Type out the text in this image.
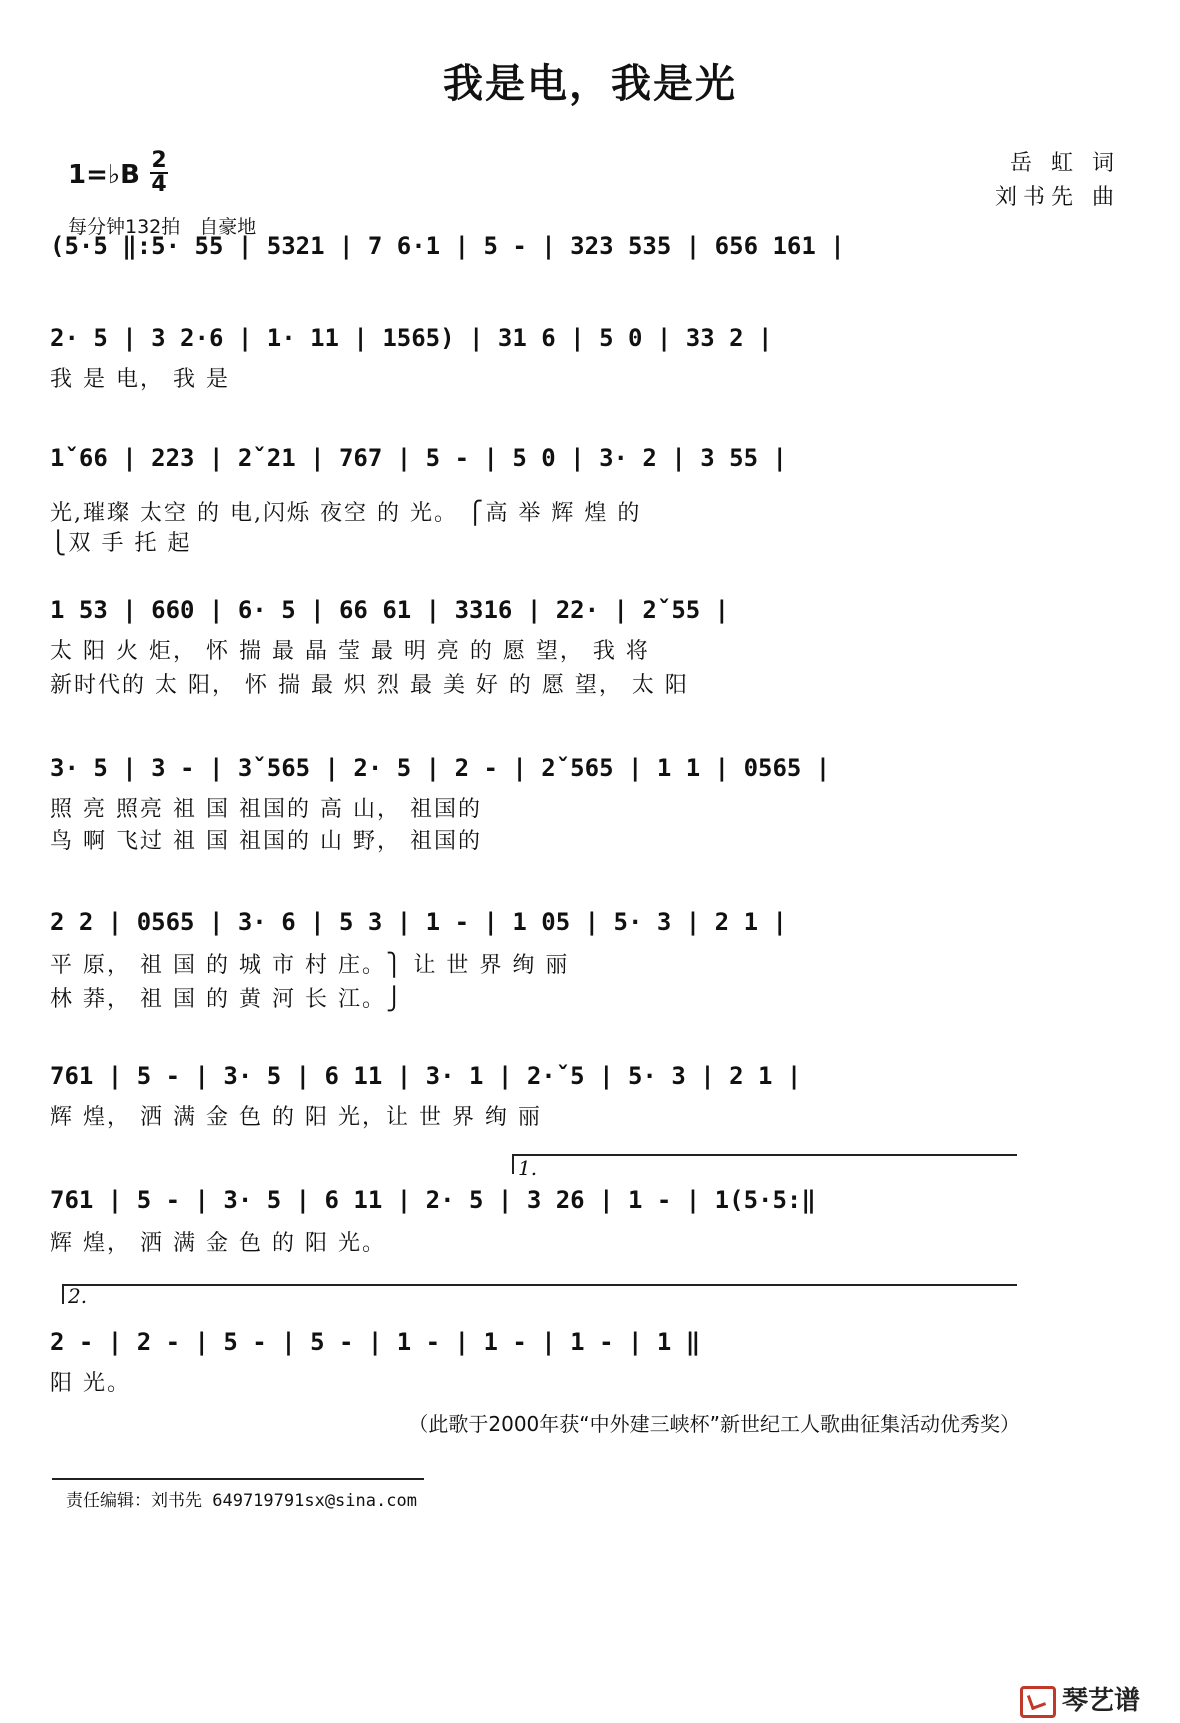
我是电，我是光
1=♭B 2
4
每分钟132拍　自豪地
岳 虹 词
刘书先 曲
(5·5 ‖:5· 55 | 5321 | 7 6·1 | 5 - | 323 535 | 656 161 |
2· 5 | 3 2·6 | 1· 11 | 1565) | 31 6 | 5 0 | 33 2 |
我 是 电， 我 是
1ˇ66 | 223 | 2ˇ21 | 767 | 5 - | 5 0 | 3· 2 | 3 55 |
光,璀璨 太空 的 电,闪烁 夜空 的 光。 ⎧高 举 辉 煌 的
⎩双 手 托 起
1 53 | 660 | 6· 5 | 66 61 | 3316 | 22· | 2ˇ55 |
太 阳 火 炬， 怀 揣 最 晶 莹 最 明 亮 的 愿 望， 我 将
新时代的 太 阳， 怀 揣 最 炽 烈 最 美 好 的 愿 望， 太 阳
3· 5 | 3 - | 3ˇ565 | 2· 5 | 2 - | 2ˇ565 | 1 1 | 0565 |
照 亮 照亮 祖 国 祖国的 高 山， 祖国的
鸟 啊 飞过 祖 国 祖国的 山 野， 祖国的
2 2 | 0565 | 3· 6 | 5 3 | 1 - | 1 05 | 5· 3 | 2 1 |
平 原， 祖 国 的 城 市 村 庄。⎫ 让 世 界 绚 丽
林 莽， 祖 国 的 黄 河 长 江。⎭
761 | 5 - | 3· 5 | 6 11 | 3· 1 | 2·ˇ5 | 5· 3 | 2 1 |
辉 煌， 洒 满 金 色 的 阳 光，让 世 界 绚 丽
1.
761 | 5 - | 3· 5 | 6 11 | 2· 5 | 3 26 | 1 - | 1(5·5:‖
辉 煌， 洒 满 金 色 的 阳 光。
2.
2 - | 2 - | 5 - | 5 - | 1 - | 1 - | 1 - | 1 ‖
阳 光。
（此歌于2000年获“中外建三峡杯”新世纪工人歌曲征集活动优秀奖）
责任编辑：刘书先 649719791sx@sina.com
琴艺谱
